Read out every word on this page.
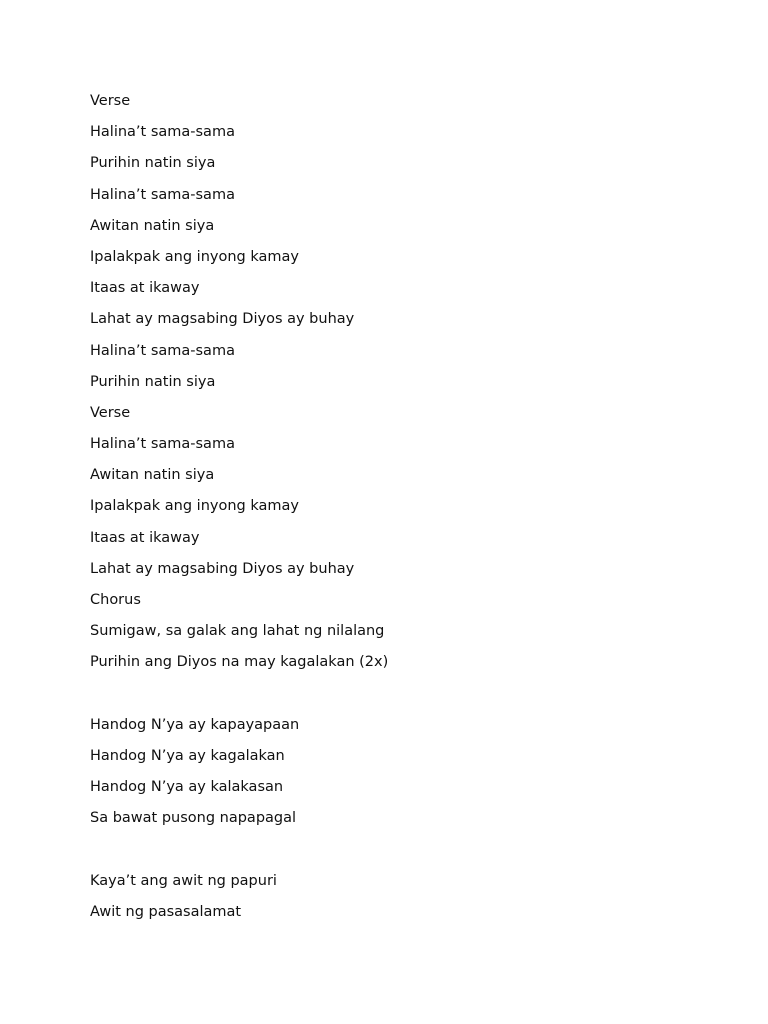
Verse

Halina’t sama-sama

Purihin natin siya

Halina’t sama-sama

Awitan natin siya

Ipalakpak ang inyong kamay

Itaas at ikaway

Lahat ay magsabing Diyos ay buhay

Halina’t sama-sama

Purihin natin siya

Verse

Halina’t sama-sama

Awitan natin siya

Ipalakpak ang inyong kamay

Itaas at ikaway

Lahat ay magsabing Diyos ay buhay

Chorus

Sumigaw, sa galak ang lahat ng nilalang

Purihin ang Diyos na may kagalakan (2x)

Handog N’ya ay kapayapaan

Handog N’ya ay kagalakan

Handog N’ya ay kalakasan

Sa bawat pusong napapagal

Kaya’t ang awit ng papuri

Awit ng pasasalamat
